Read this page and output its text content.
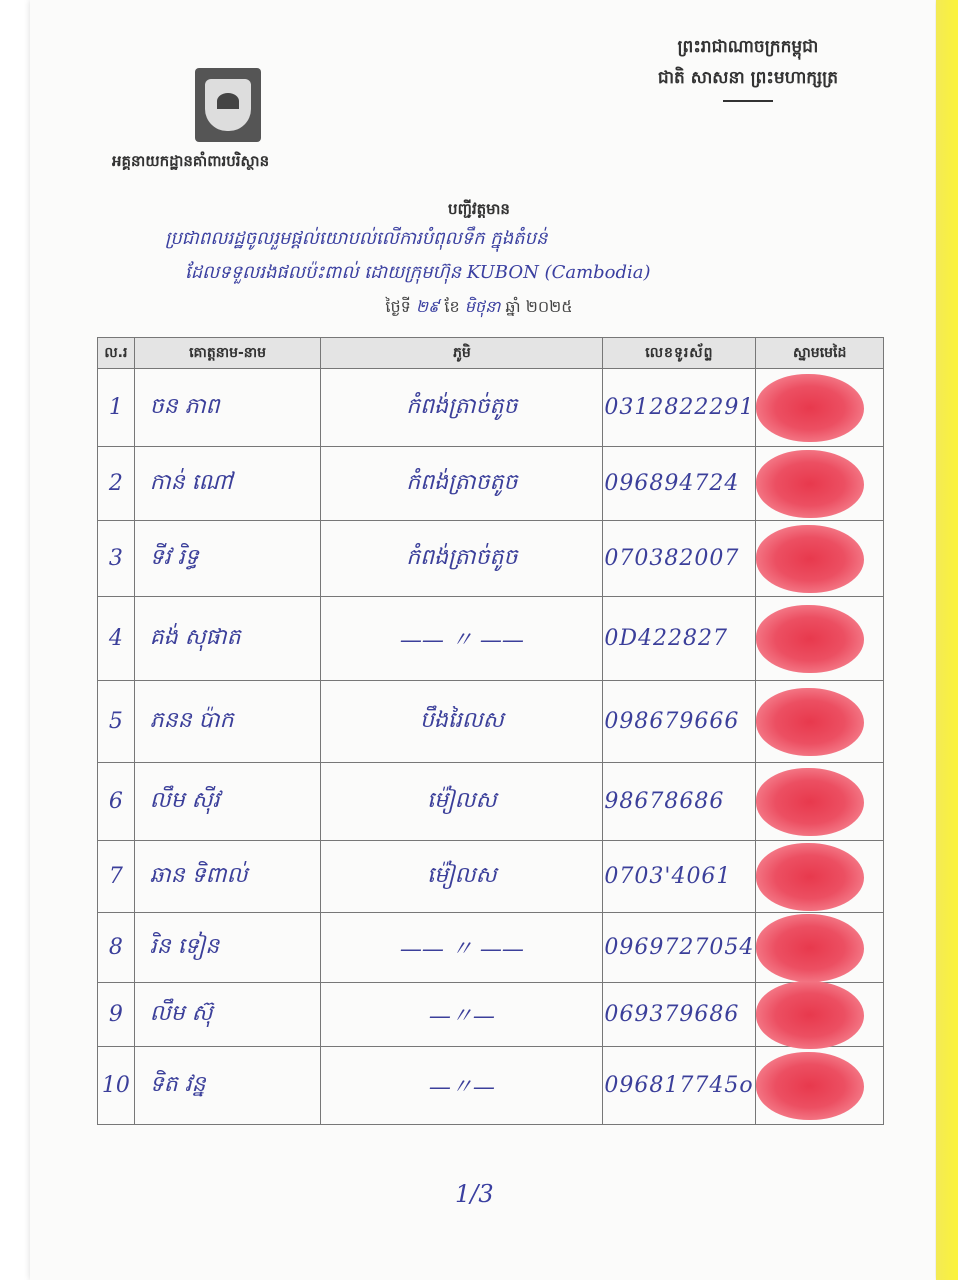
ព្រះរាជាណាចក្រកម្ពុជា
ជាតិ សាសនា ព្រះមហាក្សត្រ
អគ្គនាយកដ្ឋានគាំពារបរិស្ថាន
បញ្ជីវត្តមាន
ប្រជាពលរដ្ឋចូលរួមផ្ដល់យោបល់លើការបំពុលទឹក ក្នុងតំបន់
ដែលទទួលរងផលប៉ះពាល់ ដោយក្រុមហ៊ុន KUBON (Cambodia)
ថ្ងៃទី ២៩ ខែ មិថុនា ឆ្នាំ ២០២៥
ល.រ	គោត្តនាម-នាម	ភូមិ	លេខទូរស័ព្ទ	ស្នាមមេដៃ
1	ចន ភាព	កំពង់ត្រាច់តូច	0312822291	

2	កាន់ ណៅ	កំពង់ត្រាចតូច	096894724	

3	ទីវ រិទ្ធ	កំពង់ត្រាច់តូច	070382007	

4	គង់ សុផាត	—— 〃 ——	0D422827	

5	ភនន ប៉ាក	បឹងរៃលស	098679666	

6	លឹម ស៊ីវ	ម៉ៀលស	98678686	

7	ឆាន ទិពាល់	ម៉ៀលស	0703'4061	

8	រិន ទៀន	—— 〃 ——	0969727054	

9	លឹម ស៊ុ	—〃—	069379686	

10	ទិត វន្ន	—〃—	096817745o	
1/3
